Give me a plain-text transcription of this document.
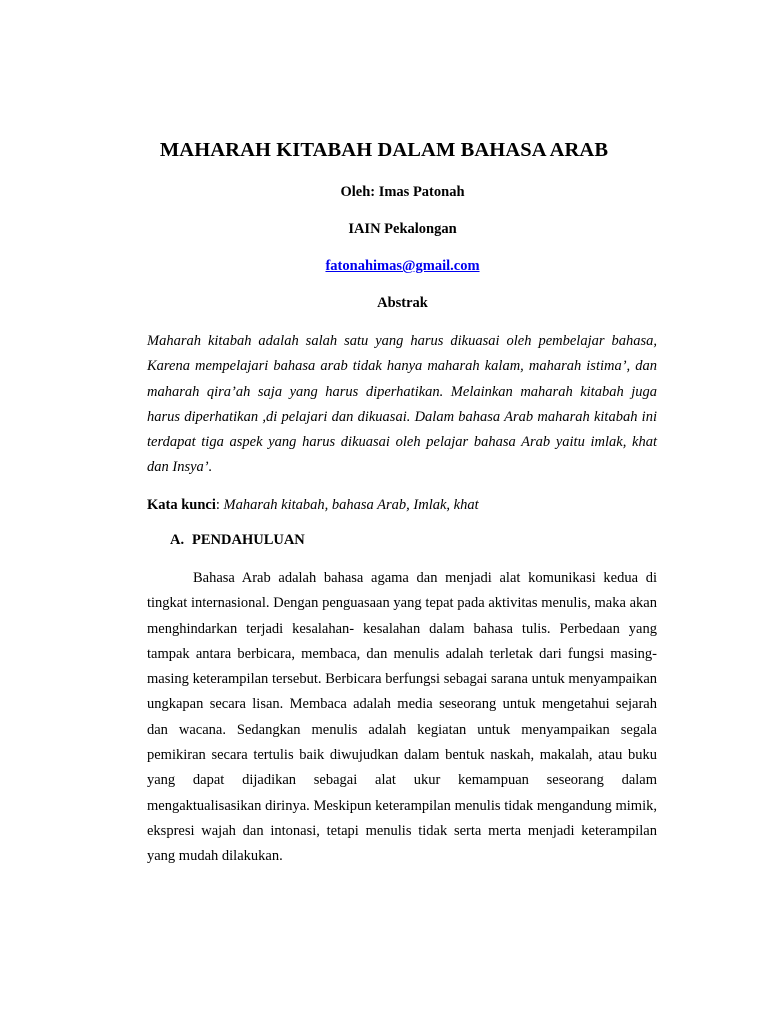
MAHARAH KITABAH DALAM BAHASA ARAB

Oleh: Imas Patonah

IAIN Pekalongan

fatonahimas@gmail.com

Abstrak

Maharah kitabah adalah salah satu yang harus dikuasai oleh pembelajar bahasa, Karena mempelajari bahasa arab tidak hanya maharah kalam, maharah istima’, dan maharah qira’ah saja yang harus diperhatikan. Melainkan maharah kitabah juga harus diperhatikan ,di pelajari dan dikuasai. Dalam bahasa Arab maharah kitabah ini terdapat tiga aspek yang harus dikuasai oleh pelajar bahasa Arab yaitu imlak, khat dan Insya’.

Kata kunci: Maharah kitabah, bahasa Arab, Imlak, khat

A. PENDAHULUAN

Bahasa Arab adalah bahasa agama dan menjadi alat komunikasi kedua di tingkat internasional. Dengan penguasaan yang tepat pada aktivitas menulis, maka akan menghindarkan terjadi kesalahan- kesalahan dalam bahasa tulis. Perbedaan yang tampak antara berbicara, membaca, dan menulis adalah terletak dari fungsi masing-masing keterampilan tersebut. Berbicara berfungsi sebagai sarana untuk menyampaikan ungkapan secara lisan. Membaca adalah media seseorang untuk mengetahui sejarah dan wacana. Sedangkan menulis adalah kegiatan untuk menyampaikan segala pemikiran secara tertulis baik diwujudkan dalam bentuk naskah, makalah, atau buku yang dapat dijadikan sebagai alat ukur kemampuan seseorang dalam mengaktualisasikan dirinya. Meskipun keterampilan menulis tidak mengandung mimik, ekspresi wajah dan intonasi, tetapi menulis tidak serta merta menjadi keterampilan yang mudah dilakukan.
